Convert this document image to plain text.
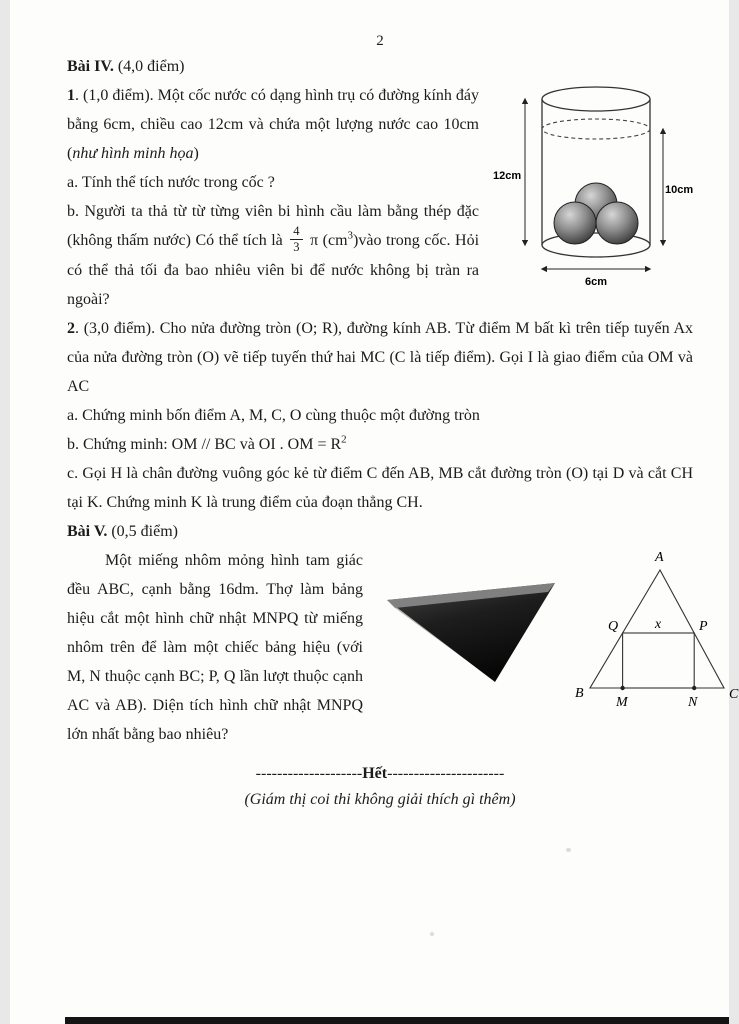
2

Bài IV. (4,0 điểm)

12cm
10cm
6cm
1. (1,0 điểm). Một cốc nước có dạng hình trụ có đường kính đáy bằng 6cm, chiều cao 12cm và chứa một lượng nước cao 10cm (như hình minh họa)

a. Tính thể tích nước trong cốc ?

b. Người ta thả từ từ từng viên bi hình cầu làm bằng thép đặc (không thấm nước) Có thể tích là $\frac{4}{3}$ π $(cm^3)vào$ trong cốc. Hỏi có thể thả tối đa bao nhiêu viên bi để nước không bị tràn ra ngoài?

2. (3,0 điểm). Cho nửa đường tròn (O; R), đường kính AB. Từ điểm M bất kì trên tiếp tuyến Ax của nửa đường tròn (O) vẽ tiếp tuyến thứ hai MC (C là tiếp điểm). Gọi I là giao điểm của OM và AC

a. Chứng minh bốn điểm A, M, C, O cùng thuộc một đường tròn

b. Chứng minh: OM // BC và OI . OM = $R^2$

c. Gọi H là chân đường vuông góc kẻ từ điểm C đến AB, MB cắt đường tròn (O) tại D và cắt CH tại K. Chứng minh K là trung điểm của đoạn thẳng CH.

Bài V. (0,5 điểm)

Một miếng nhôm mỏng hình tam giác đều ABC, cạnh bằng 16dm. Thợ làm bảng hiệu cắt một hình chữ nhật MNPQ từ miếng nhôm trên để làm một chiếc bảng hiệu (với M, N thuộc cạnh BC; P, Q lần lượt thuộc cạnh AC và AB). Diện tích hình chữ nhật MNPQ lớn nhất bằng bao nhiêu?

A
B	C
Q	P
M	N
x
--------------------Hết----------------------
(Giám thị coi thi không giải thích gì thêm)
